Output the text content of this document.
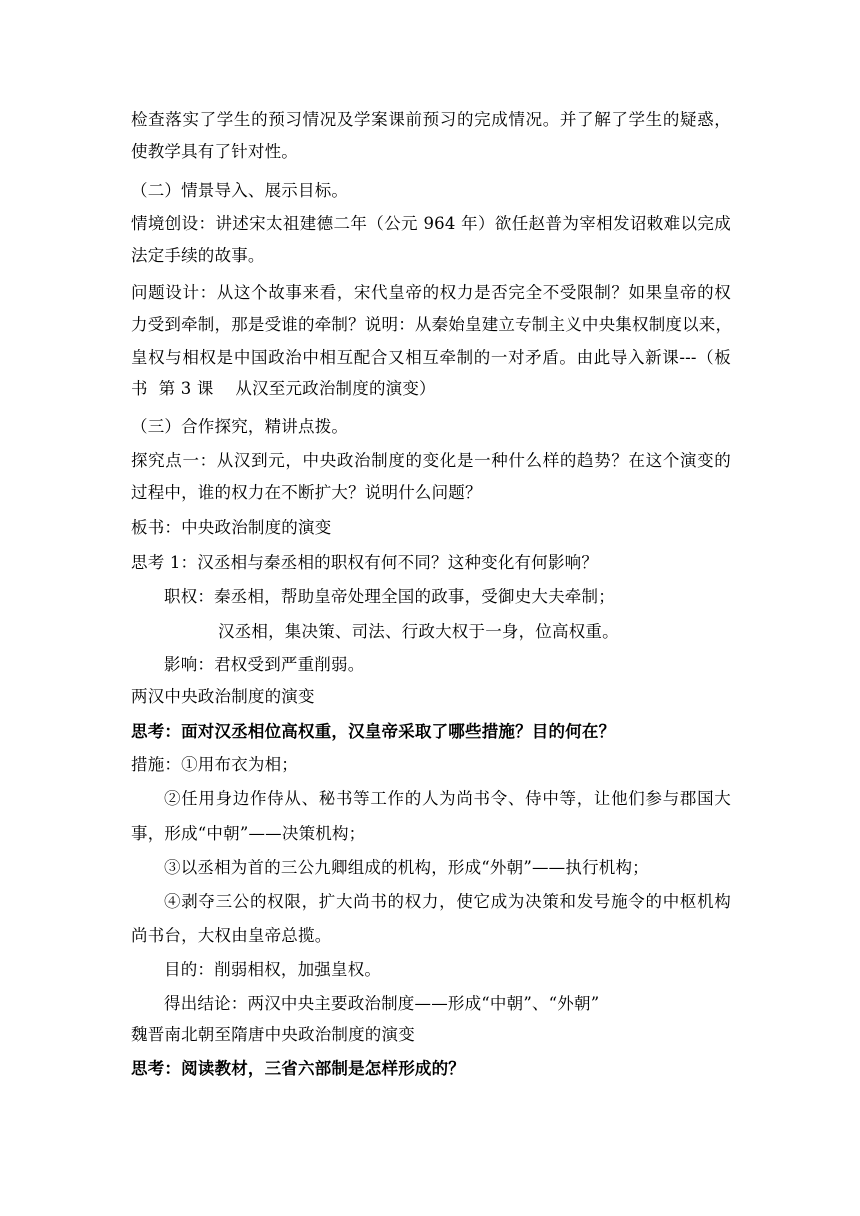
检查落实了学生的预习情况及学案课前预习的完成情况。并了解了学生的疑惑，
使教学具有了针对性。
（二）情景导入、展示目标。
情境创设：讲述宋太祖建德二年（公元 964 年）欲任赵普为宰相发诏敕难以完成
法定手续的故事。
问题设计：从这个故事来看，宋代皇帝的权力是否完全不受限制？如果皇帝的权
力受到牵制，那是受谁的牵制？说明：从秦始皇建立专制主义中央集权制度以来，
皇权与相权是中国政治中相互配合又相互牵制的一对矛盾。由此导入新课---（板
书  第 3 课    从汉至元政治制度的演变）
（三）合作探究，精讲点拨。
探究点一：从汉到元，中央政治制度的变化是一种什么样的趋势？在这个演变的
过程中，谁的权力在不断扩大？说明什么问题？
板书：中央政治制度的演变
思考 1：汉丞相与秦丞相的职权有何不同？这种变化有何影响？
职权：秦丞相，帮助皇帝处理全国的政事，受御史大夫牵制；
汉丞相，集决策、司法、行政大权于一身，位高权重。
影响：君权受到严重削弱。
两汉中央政治制度的演变
思考：面对汉丞相位高权重，汉皇帝采取了哪些措施？目的何在？
措施：①用布衣为相；
②任用身边作侍从、秘书等工作的人为尚书令、侍中等，让他们参与郡国大
事，形成“中朝”——决策机构；
③以丞相为首的三公九卿组成的机构，形成“外朝”——执行机构；
④剥夺三公的权限，扩大尚书的权力，使它成为决策和发号施令的中枢机构
尚书台，大权由皇帝总揽。
目的：削弱相权，加强皇权。
得出结论：两汉中央主要政治制度——形成“中朝”、“外朝”
魏晋南北朝至隋唐中央政治制度的演变
思考：阅读教材，三省六部制是怎样形成的？
